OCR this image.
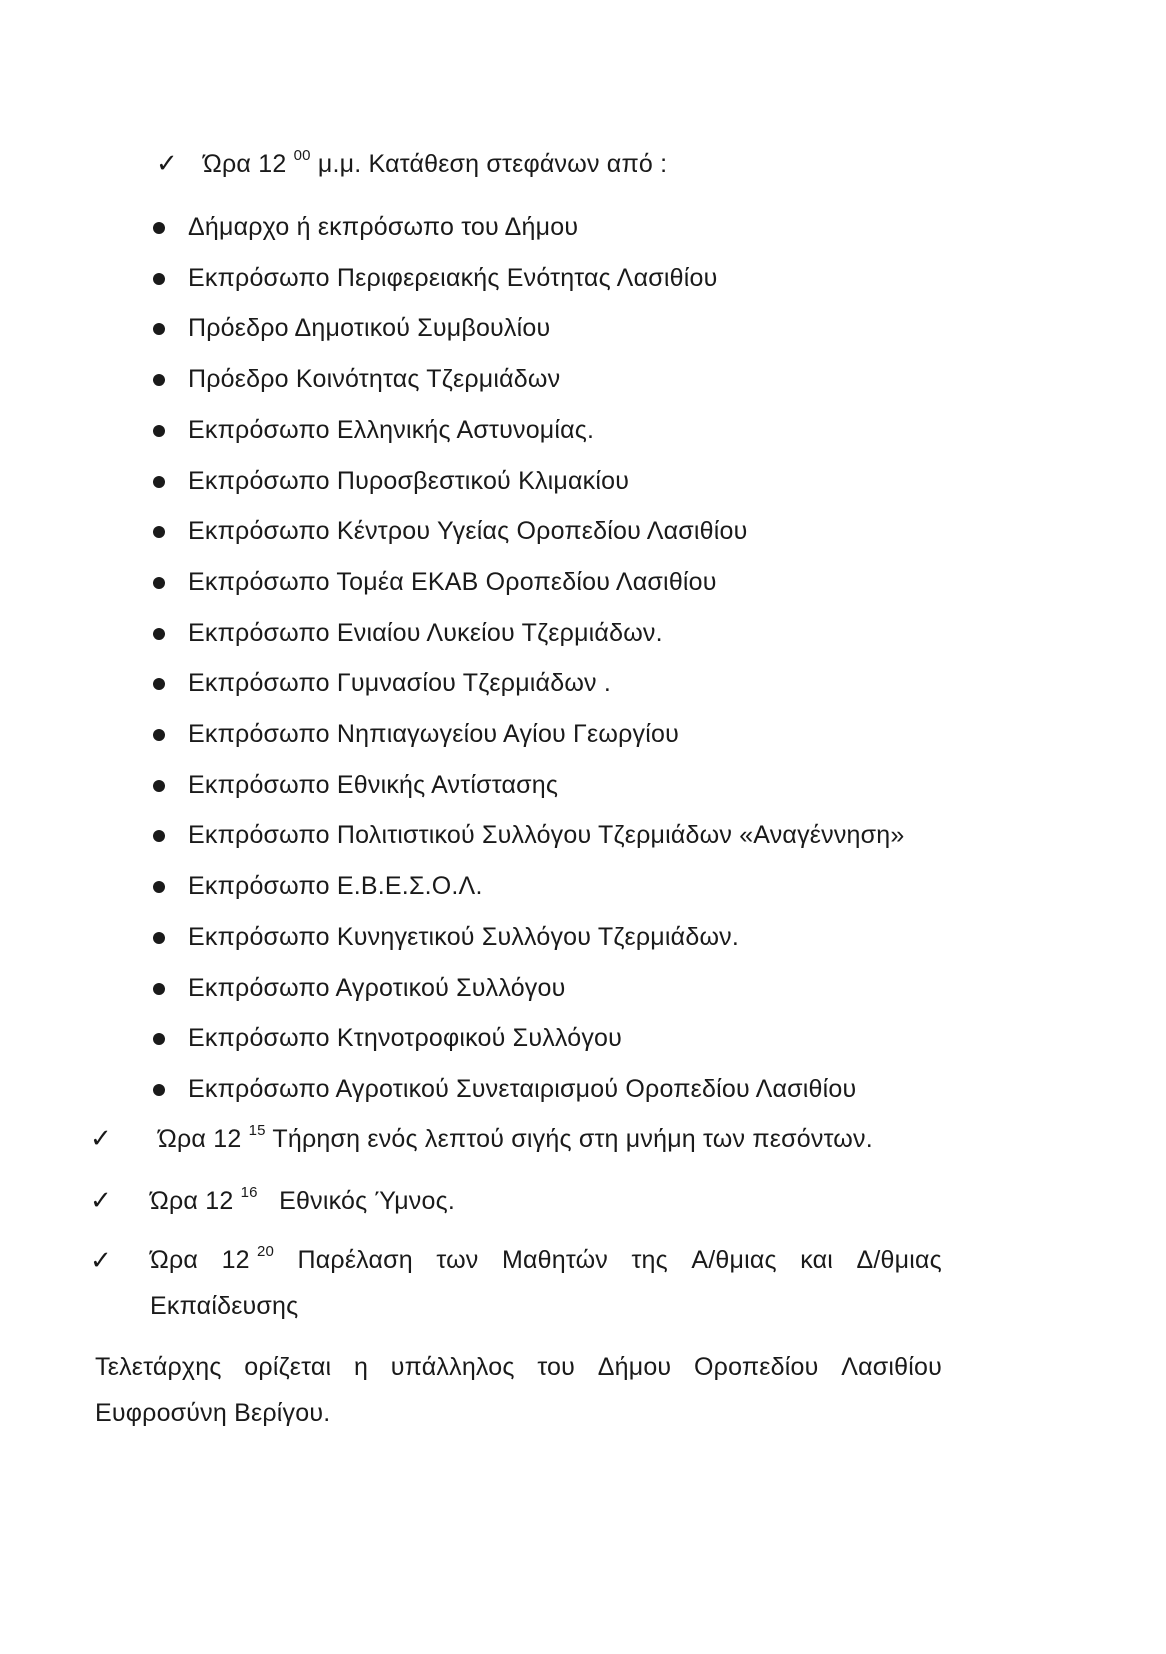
✓ Ώρα 12 $^{00}$ μ.μ. Κατάθεση στεφάνων από :
Δήμαρχο ή εκπρόσωπο του Δήμου
Εκπρόσωπο Περιφερειακής Ενότητας Λασιθίου
Πρόεδρο Δημοτικού Συμβουλίου
Πρόεδρο Κοινότητας Τζερμιάδων
Εκπρόσωπο Ελληνικής Αστυνομίας.
Εκπρόσωπο Πυροσβεστικού Κλιμακίου
Εκπρόσωπο Κέντρου Υγείας Οροπεδίου Λασιθίου
Εκπρόσωπο Τομέα ΕΚΑΒ Οροπεδίου Λασιθίου
Εκπρόσωπο Ενιαίου Λυκείου Τζερμιάδων.
Εκπρόσωπο Γυμνασίου Τζερμιάδων .
Εκπρόσωπο Νηπιαγωγείου Αγίου Γεωργίου
Εκπρόσωπο Εθνικής Αντίστασης
Εκπρόσωπο Πολιτιστικού Συλλόγου Τζερμιάδων «Αναγέννηση»
Εκπρόσωπο Ε.Β.Ε.Σ.Ο.Λ.
Εκπρόσωπο Κυνηγετικού Συλλόγου Τζερμιάδων.
Εκπρόσωπο Αγροτικού Συλλόγου
Εκπρόσωπο Κτηνοτροφικού Συλλόγου
Εκπρόσωπο Αγροτικού Συνεταιρισμού Οροπεδίου Λασιθίου
✓ Ώρα 12 $^{15}$ Τήρηση ενός λεπτού σιγής στη μνήμη των πεσόντων.
✓ Ώρα 12 $^{16}$   Εθνικός Ύμνος.
✓ Ώρα 12 $^{20}$ Παρέλαση των Μαθητών της Α/θμιας και Δ/θμιας
Εκπαίδευσης
Τελετάρχης ορίζεται η υπάλληλος του Δήμου Οροπεδίου Λασιθίου
Ευφροσύνη Βερίγου.
